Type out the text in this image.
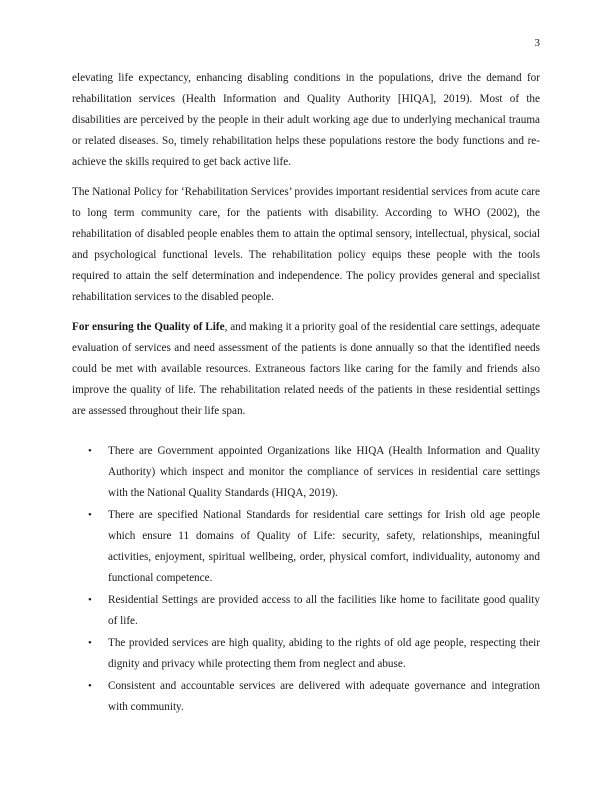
3

elevating life expectancy, enhancing disabling conditions in the populations, drive the demand for rehabilitation services (Health Information and Quality Authority [HIQA], 2019). Most of the disabilities are perceived by the people in their adult working age due to underlying mechanical trauma or related diseases. So, timely rehabilitation helps these populations restore the body functions and re-achieve the skills required to get back active life.

The National Policy for ‘Rehabilitation Services’ provides important residential services from acute care to long term community care, for the patients with disability. According to WHO (2002), the rehabilitation of disabled people enables them to attain the optimal sensory, intellectual, physical, social and psychological functional levels. The rehabilitation policy equips these people with the tools required to attain the self determination and independence. The policy provides general and specialist rehabilitation services to the disabled people.

For ensuring the Quality of Life, and making it a priority goal of the residential care settings, adequate evaluation of services and need assessment of the patients is done annually so that the identified needs could be met with available resources. Extraneous factors like caring for the family and friends also improve the quality of life. The rehabilitation related needs of the patients in these residential settings are assessed throughout their life span.

• There are Government appointed Organizations like HIQA (Health Information and Quality Authority) which inspect and monitor the compliance of services in residential care settings with the National Quality Standards (HIQA, 2019).
• There are specified National Standards for residential care settings for Irish old age people which ensure 11 domains of Quality of Life: security, safety, relationships, meaningful activities, enjoyment, spiritual wellbeing, order, physical comfort, individuality, autonomy and functional competence.
• Residential Settings are provided access to all the facilities like home to facilitate good quality of life.
• The provided services are high quality, abiding to the rights of old age people, respecting their dignity and privacy while protecting them from neglect and abuse.
• Consistent and accountable services are delivered with adequate governance and integration with community.
